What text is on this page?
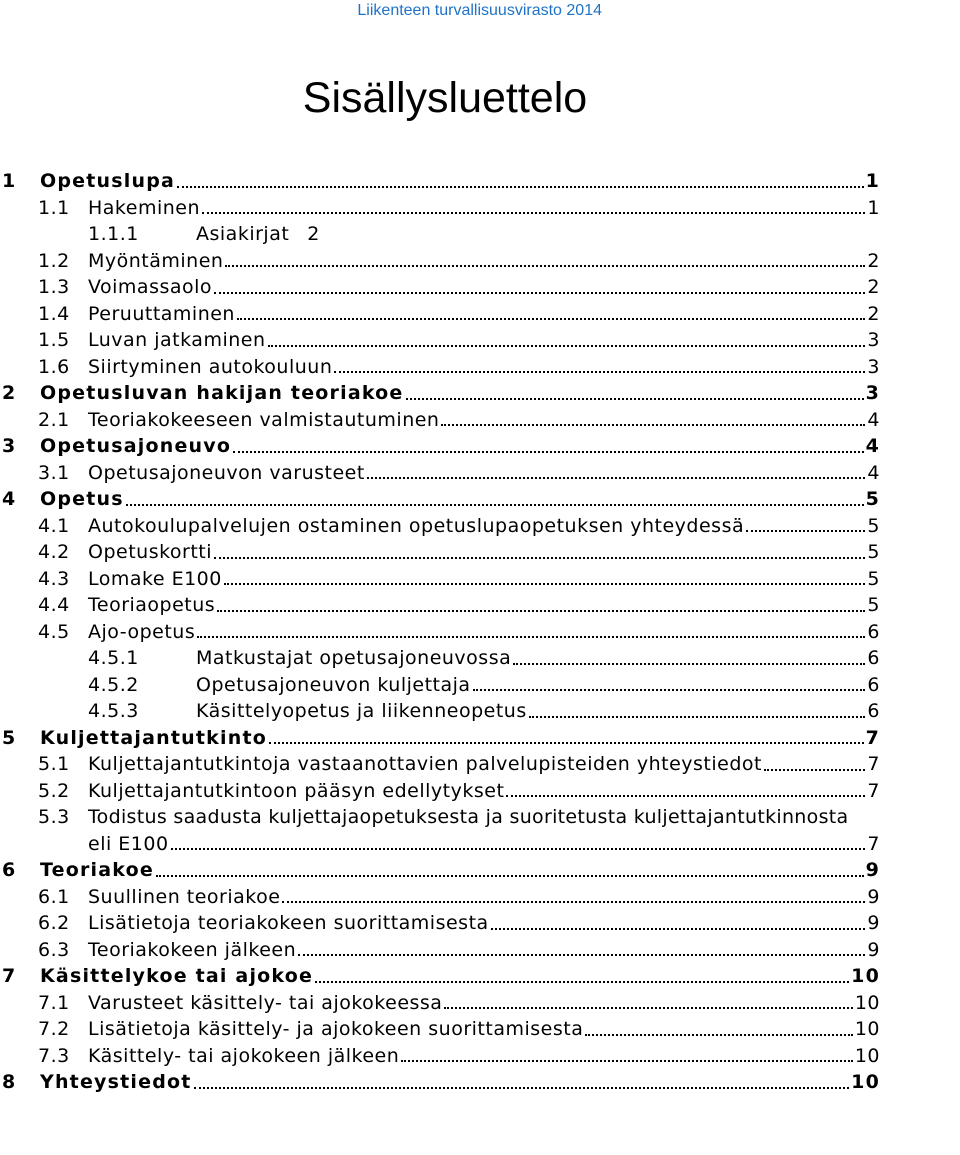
Liikenteen turvallisuusvirasto 2014
Sisällysluettelo
1	Opetuslupa	1
1.1 Hakeminen	1
1.1.1	Asiakirjat 2
1.2 Myöntäminen	2
1.3 Voimassaolo	2
1.4 Peruuttaminen	2
1.5 Luvan jatkaminen	3
1.6 Siirtyminen autokouluun	3
2	Opetusluvan hakijan teoriakoe	3
2.1 Teoriakokeeseen valmistautuminen	4
3	Opetusajoneuvo	4
3.1 Opetusajoneuvon varusteet	4
4	Opetus	5
4.1 Autokoulupalvelujen ostaminen opetuslupaopetuksen yhteydessä	5
4.2 Opetuskortti	5
4.3 Lomake E100	5
4.4 Teoriaopetus	5
4.5 Ajo-opetus	6
4.5.1	Matkustajat opetusajoneuvossa	6
4.5.2	Opetusajoneuvon kuljettaja	6
4.5.3	Käsittelyopetus ja liikenneopetus	6
5	Kuljettajantutkinto	7
5.1 Kuljettajantutkintoja vastaanottavien palvelupisteiden yhteystiedot	7
5.2 Kuljettajantutkintoon pääsyn edellytykset	7
5.3 Todistus saadusta kuljettajaopetuksesta ja suoritetusta kuljettajantutkinnosta
eli E100	7
6	Teoriakoe	9
6.1 Suullinen teoriakoe	9
6.2 Lisätietoja teoriakokeen suorittamisesta	9
6.3 Teoriakokeen jälkeen	9
7	Käsittelykoe tai ajokoe	10
7.1 Varusteet käsittely- tai ajokokeessa	10
7.2 Lisätietoja käsittely- ja ajokokeen suorittamisesta	10
7.3 Käsittely- tai ajokokeen jälkeen	10
8	Yhteystiedot	10
